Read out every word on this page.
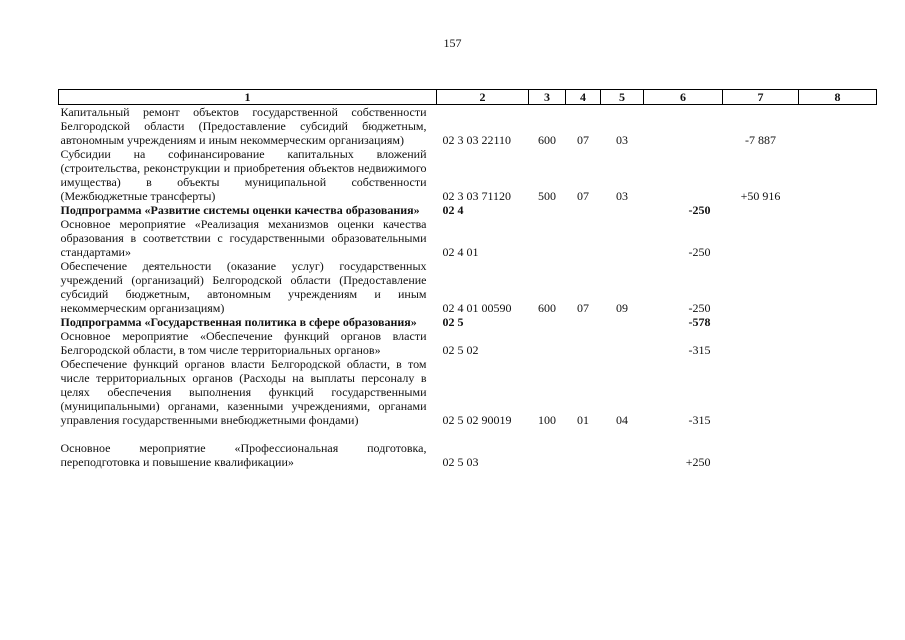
157
1	2	3	4	5	6	7	8
Капитальный ремонт объектов государственной собственности Белгородской области (Предоставление субсидий бюджетным, автономным учреждениям и иным некоммерческим организациям)	02 3 03 22110	600	07	03		-7 887	
Субсидии на софинансирование капитальных вложений (строительства, реконструкции и приобретения объектов недвижимого имущества) в объекты муниципальной собственности (Межбюджетные трансферты)	02 3 03 71120	500	07	03		+50 916	
Подпрограмма «Развитие системы оценки качества образования»	02 4				-250		
Основное мероприятие «Реализация механизмов оценки качества образования в соответствии с государственными образовательными стандартами»	02 4 01				-250		
Обеспечение деятельности (оказание услуг) государственных учреждений (организаций) Белгородской области (Предоставление субсидий бюджетным, автономным учреждениям и иным некоммерческим организациям)	02 4 01 00590	600	07	09	-250		
Подпрограмма «Государственная политика в сфере образования»	02 5				-578		
Основное мероприятие «Обеспечение функций органов власти Белгородской области, в том числе территориальных органов»	02 5 02				-315		
Обеспечение функций органов власти Белгородской области, в том числе территориальных органов (Расходы на выплаты персоналу в целях обеспечения выполнения функций государственными (муниципальными) органами, казенными учреждениями, органами управления государственными внебюджетными фондами)	02 5 02 90019	100	01	04	-315		

Основное мероприятие «Профессиональная подготовка, переподготовка и повышение квалификации»	02 5 03				+250		
